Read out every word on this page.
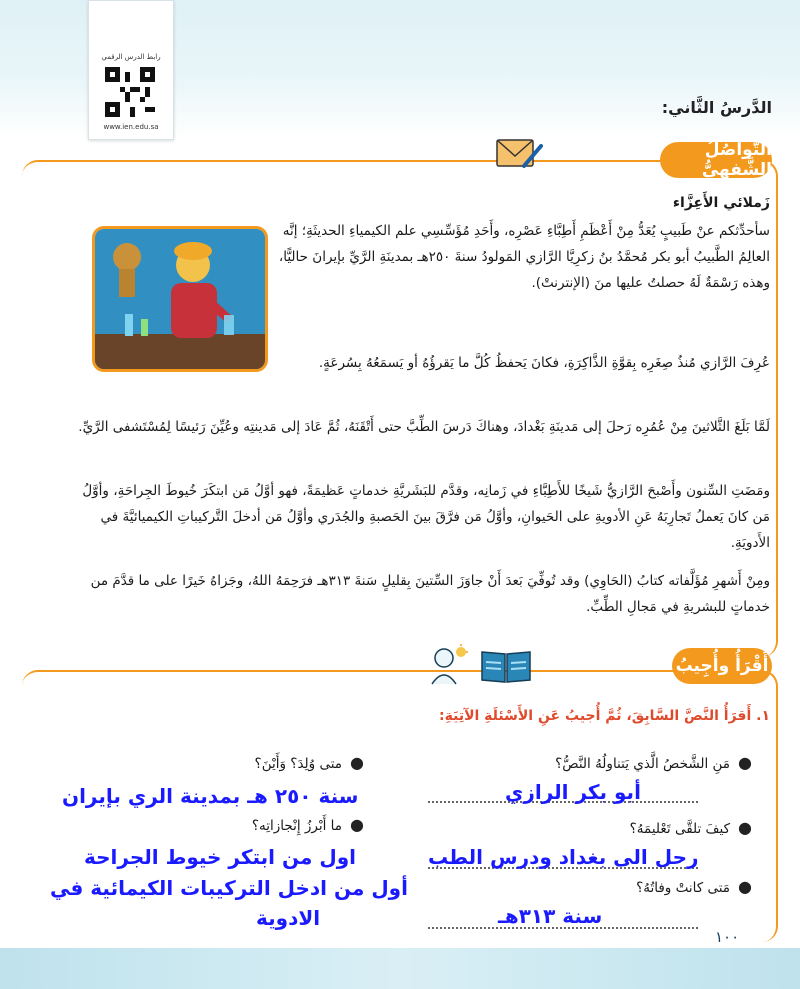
رابط الدرس الرقمي
www.ien.edu.sa
الدَّرسُ الثَّاني:
التَّواصُلُ الشَّفهِيُّ
زَملائي الأَعِزَّاء

سأحدِّثكم عنْ طَبيبٍ يُعَدُّ مِنْ أَعْظَمِ أَطِبَّاءِ عَصْرِه، وأَحَدِ مُؤَسِّسِي علم الكيمياءِ الحديثَةِ؛ إنَّه العالِمُ الطَّبيبُ أبو بكر مُحمَّدُ بنُ زكرِيَّا الرَّازي المَولودُ سنةَ ٢٥٠هـ بمدينَةِ الرَّيِّ بإيرانَ حاليًّا، وهذه رَسْمَةٌ لَهُ حصلتُ عليها منَ (الإنترنتْ).

عُرِفَ الرَّازي مُنذُ صِغَرِه بِقوَّةِ الذَّاكِرَةِ، فكانَ يَحفظُ كُلَّ ما يَقرؤُهُ أو يَسمَعُهُ بِسُرعَةٍ.

لَمَّا بَلَغَ الثَّلاثينَ مِنْ عُمُرِه رَحلَ إلى مَدينَةِ بَغْدادَ، وهناكَ دَرسَ الطِّبَّ حتى أَتْقَنَهُ، ثُمَّ عَادَ إلى مَدينتِه وعُيِّنَ رَئيسًا لِمُسْتَشفى الرَّيِّ.

ومَضَتِ السِّنون وأَصْبحَ الرَّازيُّ شَيخًا للأَطِبَّاءِ في زَمانِه، وقدَّم للبَشَريَّةِ خدماتٍ عَظيمَةً، فهو أوَّلُ مَن ابتكَرَ خُيوطَ الجِراحَةِ، وأوَّلُ مَن كانَ يَعملُ تَجارِبَهُ عَنِ الأدويةِ على الحَيوانِ، وأوَّلُ مَن فرَّقَ بينَ الحَصبةِ والجُدَري وأوَّلُ مَن أدخلَ التَّركيباتِ الكيميائيَّةَ في الأَدويَةِ.

ومِنْ أَشهرِ مُؤَلَّفاته كتابُ (الحَاوِي) وقد تُوفِّيَ بَعدَ أَنْ جاوَزَ السِّتينَ بِقليلٍ سَنةَ ٣١٣هـ فرَحِمَهُ اللهُ، وجَزاهُ خَيرًا على ما قدَّمَ من خدماتٍ للبشريةِ في مَجالِ الطِّبِّ.

أَقْرَأُ وأُجِيبُ
١. أَقرَأُ النَّصَّ السَّابِقَ، ثُمَّ أُجيبُ عَنِ الأَسْئلَةِ الآتِيَةِ:
●مَنِ الشَّخصُ الَّذي يَتناولُهُ النَّصُّ؟
أبو بكر الرازي
●كيفَ تلقَّى تَعْليمَهُ؟
رحل الى بغداد ودرس الطب
●مَتى كانتْ وفاتُهُ؟
سنة ٣١٣هـ
●متى وُلِدَ؟ وَأَيْنَ؟
سنة ٢٥٠ هـ بمدينة الري بإيران
●ما أَبْرزُ إِنْجازاتِه؟
اول من ابتكر خيوط الجراحة
أول من ادخل التركيبات الكيمائية في
الادوية
١٠٠
